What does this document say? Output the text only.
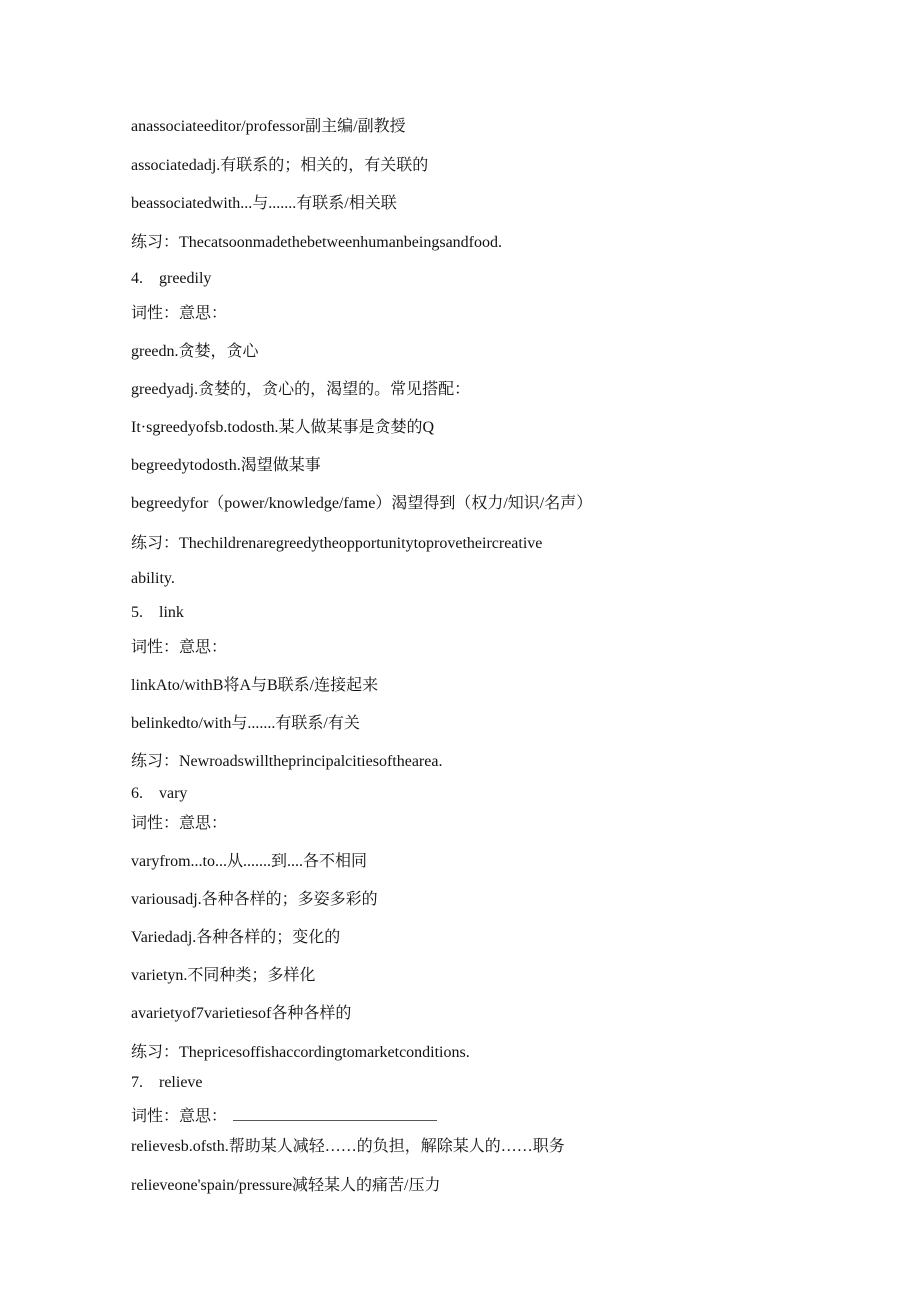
anassociateeditor/professor副主编/副教授
associatedadj.有联系的；相关的，有关联的
beassociatedwith...与.......有联系/相关联
练习：Thecatsoonmadethebetweenhumanbeingsandfood.
4. greedily
词性：意思：
greedn.贪婪，贪心
greedyadj.贪婪的，贪心的，渴望的。常见搭配：
It·sgreedyofsb.todosth.某人做某事是贪婪的Q
begreedytodosth.渴望做某事
begreedyfor（power/knowledge/fame）渴望得到（权力/知识/名声）
练习：Thechildrenaregreedytheopportunitytoprovetheircreative
ability.
5. link
词性：意思：
linkAto/withB将A与B联系/连接起来
belinkedto/with与.......有联系/有关
练习：Newroadswilltheprincipalcitiesofthearea.
6. vary
词性：意思：
varyfrom...to...从.......到....各不相同
variousadj.各种各样的；多姿多彩的
Variedadj.各种各样的；变化的
varietyn.不同种类；多样化
avarietyof7varietiesof各种各样的
练习：Thepricesoffishaccordingtomarketconditions.
7. relieve
词性：意思：
relievesb.ofsth.帮助某人减轻……的负担，解除某人的……职务
relieveone'spain/pressure减轻某人的痛苦/压力
